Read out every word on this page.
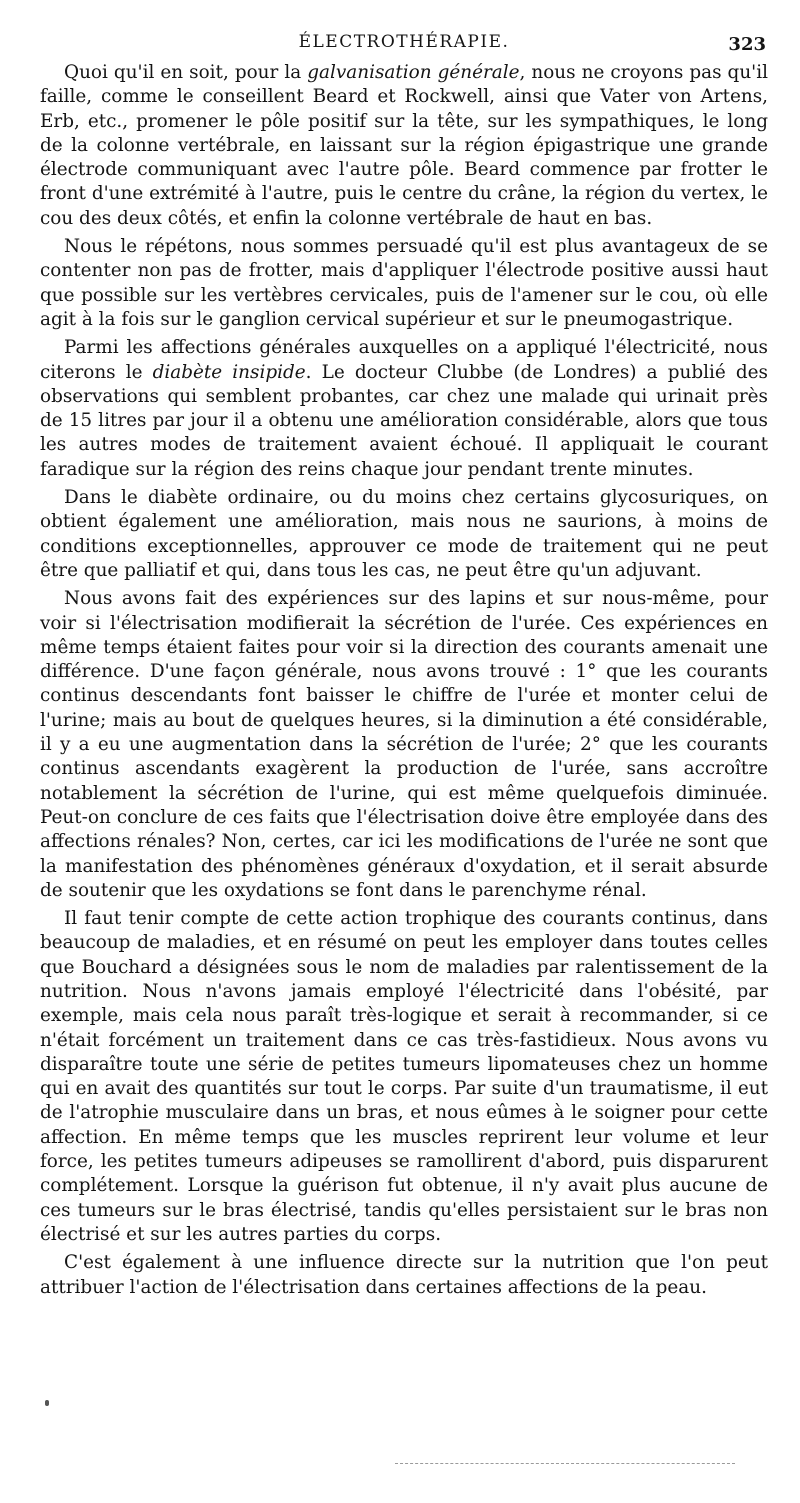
ÉLECTROTHÉRAPIE.	323

Quoi qu'il en soit, pour la galvanisation générale, nous ne croyons pas qu'il faille, comme le conseillent Beard et Rockwell, ainsi que Vater von Artens, Erb, etc., promener le pôle positif sur la tête, sur les sympathiques, le long de la colonne vertébrale, en laissant sur la région épigastrique une grande électrode communiquant avec l'autre pôle. Beard commence par frotter le front d'une extrémité à l'autre, puis le centre du crâne, la région du vertex, le cou des deux côtés, et enfin la colonne vertébrale de haut en bas.

Nous le répétons, nous sommes persuadé qu'il est plus avantageux de se contenter non pas de frotter, mais d'appliquer l'électrode positive aussi haut que possible sur les vertèbres cervicales, puis de l'amener sur le cou, où elle agit à la fois sur le ganglion cervical supérieur et sur le pneumogastrique.

Parmi les affections générales auxquelles on a appliqué l'électricité, nous citerons le diabète insipide. Le docteur Clubbe (de Londres) a publié des observations qui semblent probantes, car chez une malade qui urinait près de 15 litres par jour il a obtenu une amélioration considérable, alors que tous les autres modes de traitement avaient échoué. Il appliquait le courant faradique sur la région des reins chaque jour pendant trente minutes.

Dans le diabète ordinaire, ou du moins chez certains glycosuriques, on obtient également une amélioration, mais nous ne saurions, à moins de conditions exceptionnelles, approuver ce mode de traitement qui ne peut être que palliatif et qui, dans tous les cas, ne peut être qu'un adjuvant.

Nous avons fait des expériences sur des lapins et sur nous-même, pour voir si l'électrisation modifierait la sécrétion de l'urée. Ces expériences en même temps étaient faites pour voir si la direction des courants amenait une différence. D'une façon générale, nous avons trouvé : 1° que les courants continus descendants font baisser le chiffre de l'urée et monter celui de l'urine; mais au bout de quelques heures, si la diminution a été considérable, il y a eu une augmentation dans la sécrétion de l'urée; 2° que les courants continus ascendants exagèrent la production de l'urée, sans accroître notablement la sécrétion de l'urine, qui est même quelquefois diminuée. Peut-on conclure de ces faits que l'électrisation doive être employée dans des affections rénales? Non, certes, car ici les modifications de l'urée ne sont que la manifestation des phénomènes généraux d'oxydation, et il serait absurde de soutenir que les oxydations se font dans le parenchyme rénal.

Il faut tenir compte de cette action trophique des courants continus, dans beaucoup de maladies, et en résumé on peut les employer dans toutes celles que Bouchard a désignées sous le nom de maladies par ralentissement de la nutrition. Nous n'avons jamais employé l'électricité dans l'obésité, par exemple, mais cela nous paraît très-logique et serait à recommander, si ce n'était forcément un traitement dans ce cas très-fastidieux. Nous avons vu disparaître toute une série de petites tumeurs lipomateuses chez un homme qui en avait des quantités sur tout le corps. Par suite d'un traumatisme, il eut de l'atrophie musculaire dans un bras, et nous eûmes à le soigner pour cette affection. En même temps que les muscles reprirent leur volume et leur force, les petites tumeurs adipeuses se ramollirent d'abord, puis disparurent complétement. Lorsque la guérison fut obtenue, il n'y avait plus aucune de ces tumeurs sur le bras électrisé, tandis qu'elles persistaient sur le bras non électrisé et sur les autres parties du corps.

C'est également à une influence directe sur la nutrition que l'on peut attribuer l'action de l'électrisation dans certaines affections de la peau.
